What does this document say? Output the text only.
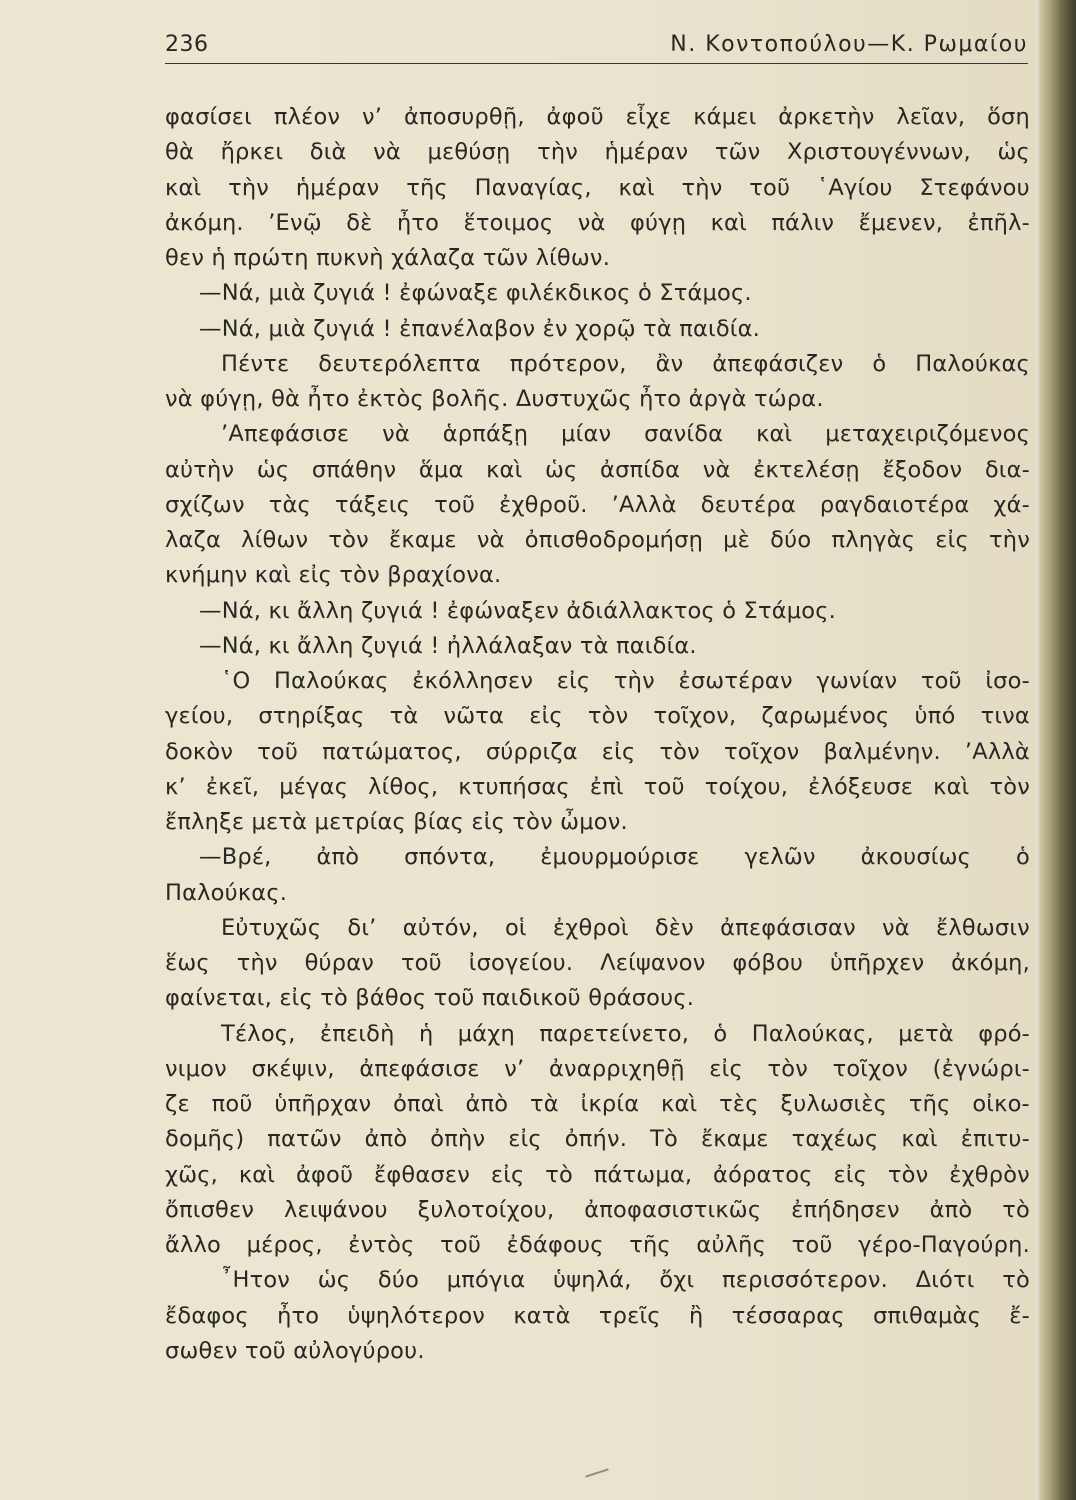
236	Ν. Κοντοπούλου—Κ. Ρωμαίου
φασίσει πλέον ν’ ἀποσυρθῇ, ἀφοῦ εἶχε κάμει ἀρκετὴν λεῖαν, ὅση
θὰ ἤρκει διὰ νὰ μεθύσῃ τὴν ἡμέραν τῶν Χριστουγέννων, ὡς
καὶ τὴν ἡμέραν τῆς Παναγίας, καὶ τὴν τοῦ ῾Αγίου Στεφάνου
ἀκόμη. ’Ενῷ δὲ ἦτο ἕτοιμος νὰ φύγῃ καὶ πάλιν ἔμενεν, ἐπῆλ-
θεν ἡ πρώτη πυκνὴ χάλαζα τῶν λίθων.
—Νά, μιὰ ζυγιά ! ἐφώναξε φιλέκδικος ὁ Στάμος.
—Νά, μιὰ ζυγιά ! ἐπανέλαβον ἐν χορῷ τὰ παιδία.
Πέντε δευτερόλεπτα πρότερον, ἂν ἀπεφάσιζεν ὁ Παλούκας
νὰ φύγῃ, θὰ ἦτο ἐκτὸς βολῆς. Δυστυχῶς ἦτο ἀργὰ τώρα.
’Απεφάσισε νὰ ἁρπάξῃ μίαν σανίδα καὶ μεταχειριζόμενος
αὐτὴν ὡς σπάθην ἅμα καὶ ὡς ἀσπίδα νὰ ἐκτελέσῃ ἔξοδον δια-
σχίζων τὰς τάξεις τοῦ ἐχθροῦ. ’Αλλὰ δευτέρα ραγδαιοτέρα χά-
λαζα λίθων τὸν ἔκαμε νὰ ὀπισθοδρομήσῃ μὲ δύο πληγὰς εἰς τὴν
κνήμην καὶ εἰς τὸν βραχίονα.
—Νά, κι ἄλλη ζυγιά ! ἐφώναξεν ἀδιάλλακτος ὁ Στάμος.
—Νά, κι ἄλλη ζυγιά ! ἠλλάλαξαν τὰ παιδία.
῾Ο Παλούκας ἐκόλλησεν εἰς τὴν ἐσωτέραν γωνίαν τοῦ ἰσο-
γείου, στηρίξας τὰ νῶτα εἰς τὸν τοῖχον, ζαρωμένος ὑπό τινα
δοκὸν τοῦ πατώματος, σύρριζα εἰς τὸν τοῖχον βαλμένην. ’Αλλὰ
κ’ ἐκεῖ, μέγας λίθος, κτυπήσας ἐπὶ τοῦ τοίχου, ἐλόξευσε καὶ τὸν
ἔπληξε μετὰ μετρίας βίας εἰς τὸν ὦμον.
—Βρέ, ἀπὸ σπόντα, ἐμουρμούρισε γελῶν ἀκουσίως ὁ
Παλούκας.
Εὐτυχῶς δι’ αὐτόν, οἱ ἐχθροὶ δὲν ἀπεφάσισαν νὰ ἔλθωσιν
ἕως τὴν θύραν τοῦ ἰσογείου. Λείψανον φόβου ὑπῆρχεν ἀκόμη,
φαίνεται, εἰς τὸ βάθος τοῦ παιδικοῦ θράσους.
Τέλος, ἐπειδὴ ἡ μάχη παρετείνετο, ὁ Παλούκας, μετὰ φρό-
νιμον σκέψιν, ἀπεφάσισε ν’ ἀναρριχηθῇ εἰς τὸν τοῖχον (ἐγνώρι-
ζε ποῦ ὑπῆρχαν ὀπαὶ ἀπὸ τὰ ἰκρία καὶ τὲς ξυλωσιὲς τῆς οἰκο-
δομῆς) πατῶν ἀπὸ ὀπὴν εἰς ὀπήν. Τὸ ἔκαμε ταχέως καὶ ἐπιτυ-
χῶς, καὶ ἀφοῦ ἔφθασεν εἰς τὸ πάτωμα, ἀόρατος εἰς τὸν ἐχθρὸν
ὄπισθεν λειψάνου ξυλοτοίχου, ἀποφασιστικῶς ἐπήδησεν ἀπὸ τὸ
ἄλλο μέρος, ἐντὸς τοῦ ἐδάφους τῆς αὐλῆς τοῦ γέρο-Παγούρη.
῏Ητον ὡς δύο μπόγια ὑψηλά, ὄχι περισσότερον. Διότι τὸ
ἔδαφος ἦτο ὑψηλότερον κατὰ τρεῖς ἢ τέσσαρας σπιθαμὰς ἔ-
σωθεν τοῦ αὐλογύρου.
